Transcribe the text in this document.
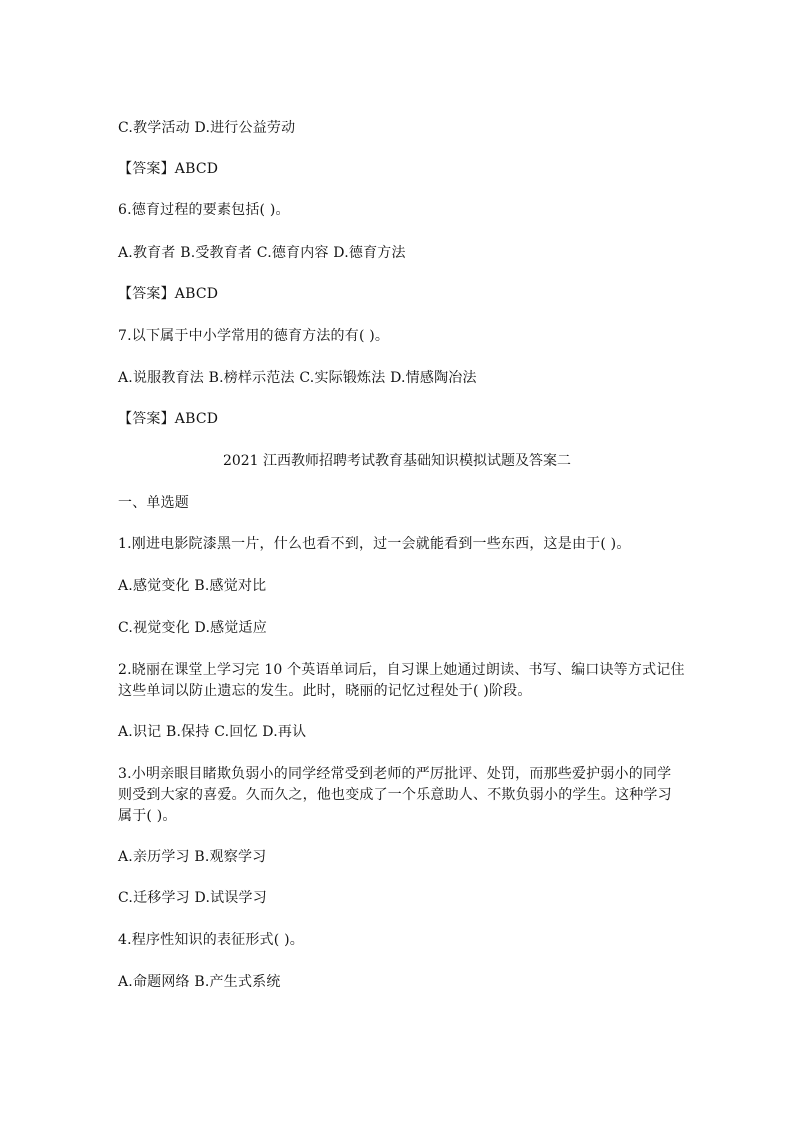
C.教学活动 D.进行公益劳动
【答案】ABCD
6.德育过程的要素包括( )。
A.教育者 B.受教育者 C.德育内容 D.德育方法
【答案】ABCD
7.以下属于中小学常用的德育方法的有( )。
A.说服教育法 B.榜样示范法 C.实际锻炼法 D.情感陶冶法
【答案】ABCD
2021 江西教师招聘考试教育基础知识模拟试题及答案二
一、单选题
1.刚进电影院漆黑一片，什么也看不到，过一会就能看到一些东西，这是由于( )。
A.感觉变化 B.感觉对比
C.视觉变化 D.感觉适应
2.晓丽在课堂上学习完 10 个英语单词后，自习课上她通过朗读、书写、编口诀等方式记住
这些单词以防止遗忘的发生。此时，晓丽的记忆过程处于( )阶段。
A.识记 B.保持 C.回忆 D.再认
3.小明亲眼目睹欺负弱小的同学经常受到老师的严厉批评、处罚，而那些爱护弱小的同学
则受到大家的喜爱。久而久之，他也变成了一个乐意助人、不欺负弱小的学生。这种学习
属于( )。
A.亲历学习 B.观察学习
C.迁移学习 D.试误学习
4.程序性知识的表征形式( )。
A.命题网络 B.产生式系统
